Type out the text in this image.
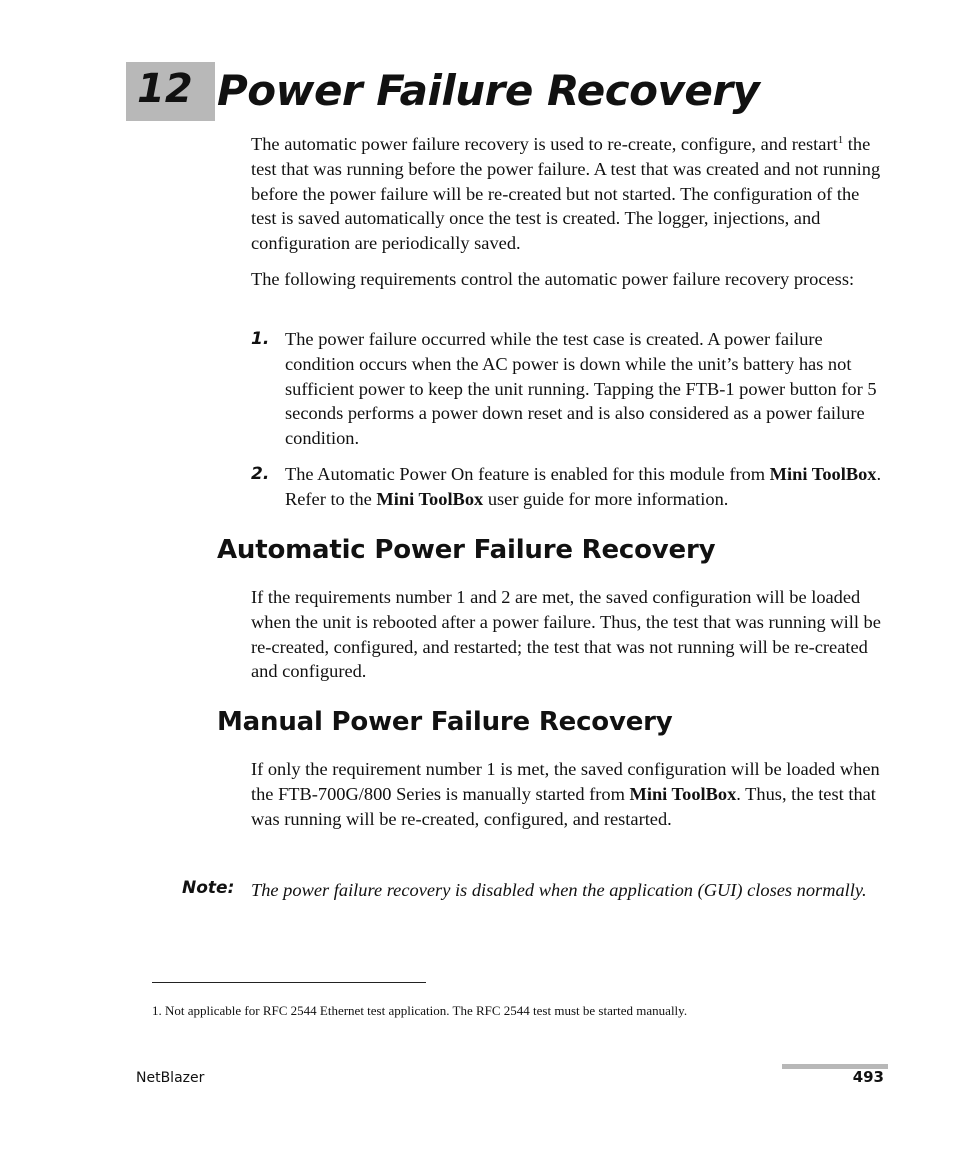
12 Power Failure Recovery

The automatic power failure recovery is used to re-create, configure, and restart$^1$ the test that was running before the power failure. A test that was created and not running before the power failure will be re-created but not started. The configuration of the test is saved automatically once the test is created. The logger, injections, and configuration are periodically saved.

The following requirements control the automatic power failure recovery process:

1. The power failure occurred while the test case is created. A power failure condition occurs when the AC power is down while the unit’s battery has not sufficient power to keep the unit running. Tapping the FTB-1 power button for 5 seconds performs a power down reset and is also considered as a power failure condition.

2. The Automatic Power On feature is enabled for this module from Mini ToolBox. Refer to the Mini ToolBox user guide for more information.

Automatic Power Failure Recovery

If the requirements number 1 and 2 are met, the saved configuration will be loaded when the unit is rebooted after a power failure. Thus, the test that was running will be re-created, configured, and restarted; the test that was not running will be re-created and configured.

Manual Power Failure Recovery

If only the requirement number 1 is met, the saved configuration will be loaded when the FTB-700G/800 Series is manually started from Mini ToolBox. Thus, the test that was running will be re-created, configured, and restarted.

Note: The power failure recovery is disabled when the application (GUI) closes normally.

1. Not applicable for RFC 2544 Ethernet test application. The RFC 2544 test must be started manually.
NetBlazer	493
